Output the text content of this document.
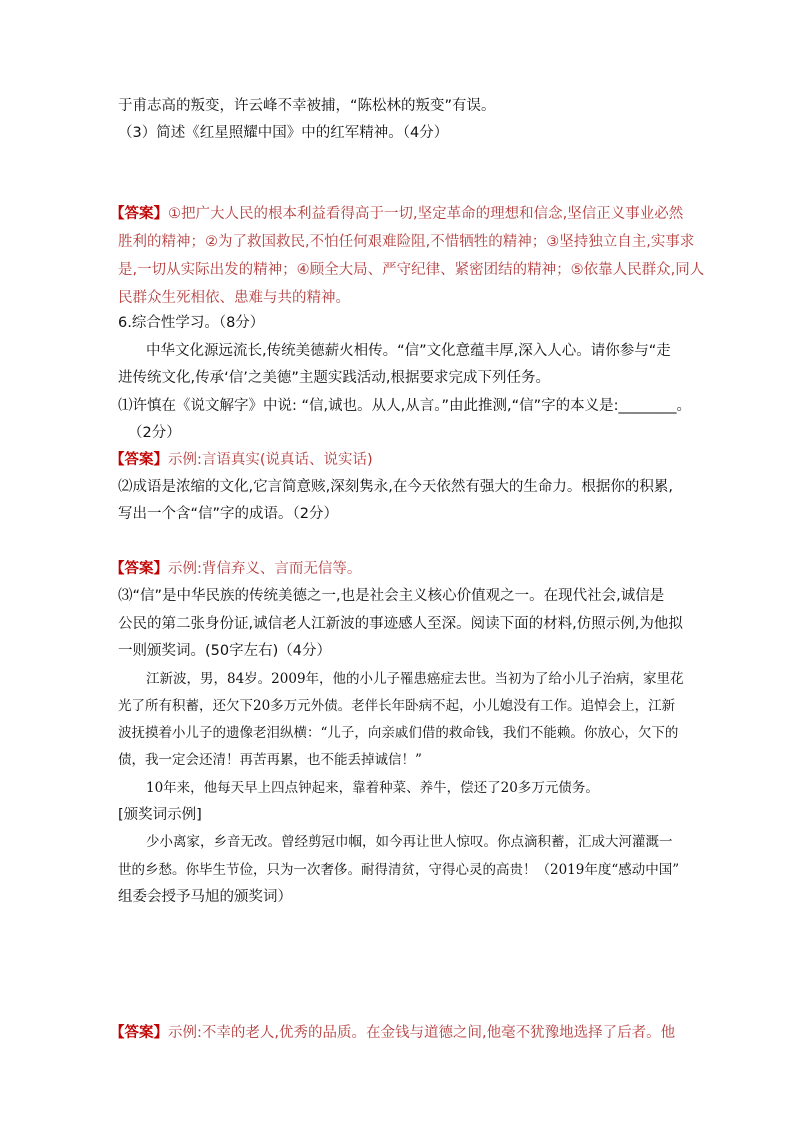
于甫志高的叛变，许云峰不幸被捕，“陈松林的叛变”有误。
（3）简述《红星照耀中国》中的红军精神。（4分）
【答案】①把广大人民的根本利益看得高于一切,坚定革命的理想和信念,坚信正义事业必然
胜利的精神；②为了救国救民,不怕任何艰难险阻,不惜牺牲的精神；③坚持独立自主,实事求
是,一切从实际出发的精神；④顾全大局、严守纪律、紧密团结的精神；⑤依靠人民群众,同人
民群众生死相依、患难与共的精神。
6.综合性学习。（8分）
中华文化源远流长,传统美德薪火相传。“信”文化意蕴丰厚,深入人心。请你参与“走
进传统文化,传承‘信’之美德”主题实践活动,根据要求完成下列任务。
⑴许慎在《说文解字》中说: “信,诚也。从人,从言。”由此推测,“信”字的本义是:________。
（2分）
【答案】示例:言语真实(说真话、说实话)
⑵成语是浓缩的文化,它言简意赅,深刻隽永,在今天依然有强大的生命力。根据你的积累,
写出一个含“信”字的成语。（2分）
【答案】示例:背信弃义、言而无信等。
⑶“信”是中华民族的传统美德之一,也是社会主义核心价值观之一。在现代社会,诚信是
公民的第二张身份证,诚信老人江新波的事迹感人至深。阅读下面的材料,仿照示例,为他拟
一则颁奖词。(50字左右)（4分）
江新波，男，84岁。2009年，他的小儿子罹患癌症去世。当初为了给小儿子治病，家里花
光了所有积蓄，还欠下20多万元外债。老伴长年卧病不起，小儿媳没有工作。追悼会上，江新
波抚摸着小儿子的遗像老泪纵横：“儿子，向亲戚们借的救命钱，我们不能赖。你放心，欠下的
债，我一定会还清！再苦再累，也不能丢掉诚信！”
10年来，他每天早上四点钟起来，靠着种菜、养牛，偿还了20多万元债务。
[颁奖词示例]
少小离家，乡音无改。曾经剪冠巾帼，如今再让世人惊叹。你点滴积蓄，汇成大河灌溉一
世的乡愁。你毕生节俭，只为一次奢侈。耐得清贫，守得心灵的高贵！（2019年度“感动中国”
组委会授予马旭的颁奖词）
【答案】示例:不幸的老人,优秀的品质。在金钱与道德之间,他毫不犹豫地选择了后者。他
